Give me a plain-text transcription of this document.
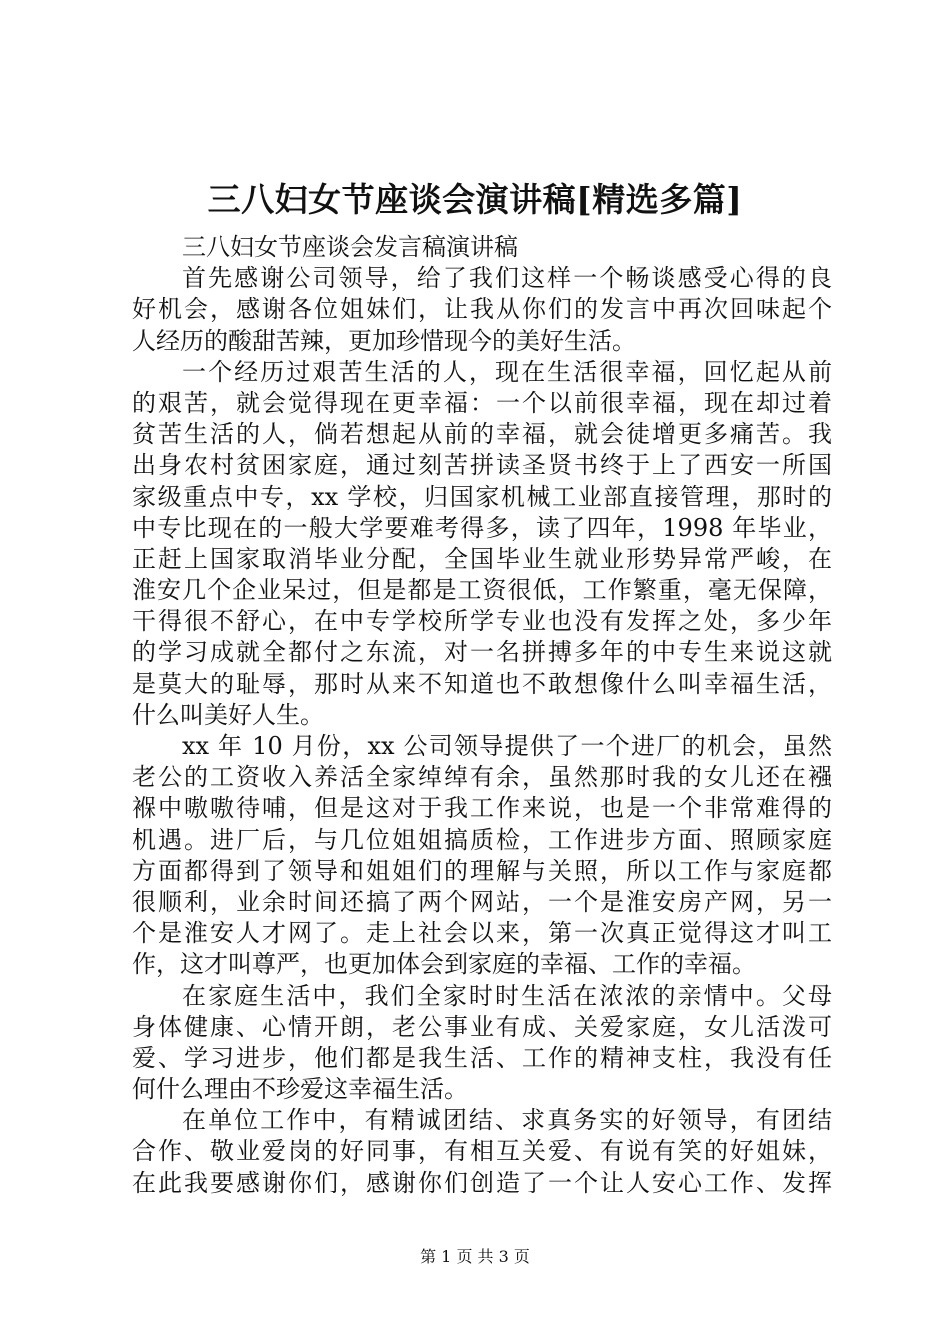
三八妇女节座谈会演讲稿[精选多篇]
三八妇女节座谈会发言稿演讲稿
首先感谢公司领导，给了我们这样一个畅谈感受心得的良
好机会，感谢各位姐妹们，让我从你们的发言中再次回味起个
人经历的酸甜苦辣，更加珍惜现今的美好生活。
一个经历过艰苦生活的人，现在生活很幸福，回忆起从前
的艰苦，就会觉得现在更幸福：一个以前很幸福，现在却过着
贫苦生活的人，倘若想起从前的幸福，就会徒增更多痛苦。我
出身农村贫困家庭，通过刻苦拼读圣贤书终于上了西安一所国
家级重点中专，xx 学校，归国家机械工业部直接管理，那时的
中专比现在的一般大学要难考得多，读了四年，1998 年毕业，
正赶上国家取消毕业分配，全国毕业生就业形势异常严峻，在
淮安几个企业呆过，但是都是工资很低，工作繁重，毫无保障，
干得很不舒心，在中专学校所学专业也没有发挥之处，多少年
的学习成就全都付之东流，对一名拼搏多年的中专生来说这就
是莫大的耻辱，那时从来不知道也不敢想像什么叫幸福生活，
什么叫美好人生。
xx 年 10 月份，xx 公司领导提供了一个进厂的机会，虽然
老公的工资收入养活全家绰绰有余，虽然那时我的女儿还在襁
褓中嗷嗷待哺，但是这对于我工作来说，也是一个非常难得的
机遇。进厂后，与几位姐姐搞质检，工作进步方面、照顾家庭
方面都得到了领导和姐姐们的理解与关照，所以工作与家庭都
很顺利，业余时间还搞了两个网站，一个是淮安房产网，另一
个是淮安人才网了。走上社会以来，第一次真正觉得这才叫工
作，这才叫尊严，也更加体会到家庭的幸福、工作的幸福。
在家庭生活中，我们全家时时生活在浓浓的亲情中。父母
身体健康、心情开朗，老公事业有成、关爱家庭，女儿活泼可
爱、学习进步，他们都是我生活、工作的精神支柱，我没有任
何什么理由不珍爱这幸福生活。
在单位工作中，有精诚团结、求真务实的好领导，有团结
合作、敬业爱岗的好同事，有相互关爱、有说有笑的好姐妹，
在此我要感谢你们，感谢你们创造了一个让人安心工作、发挥
第 1 页 共 3 页
